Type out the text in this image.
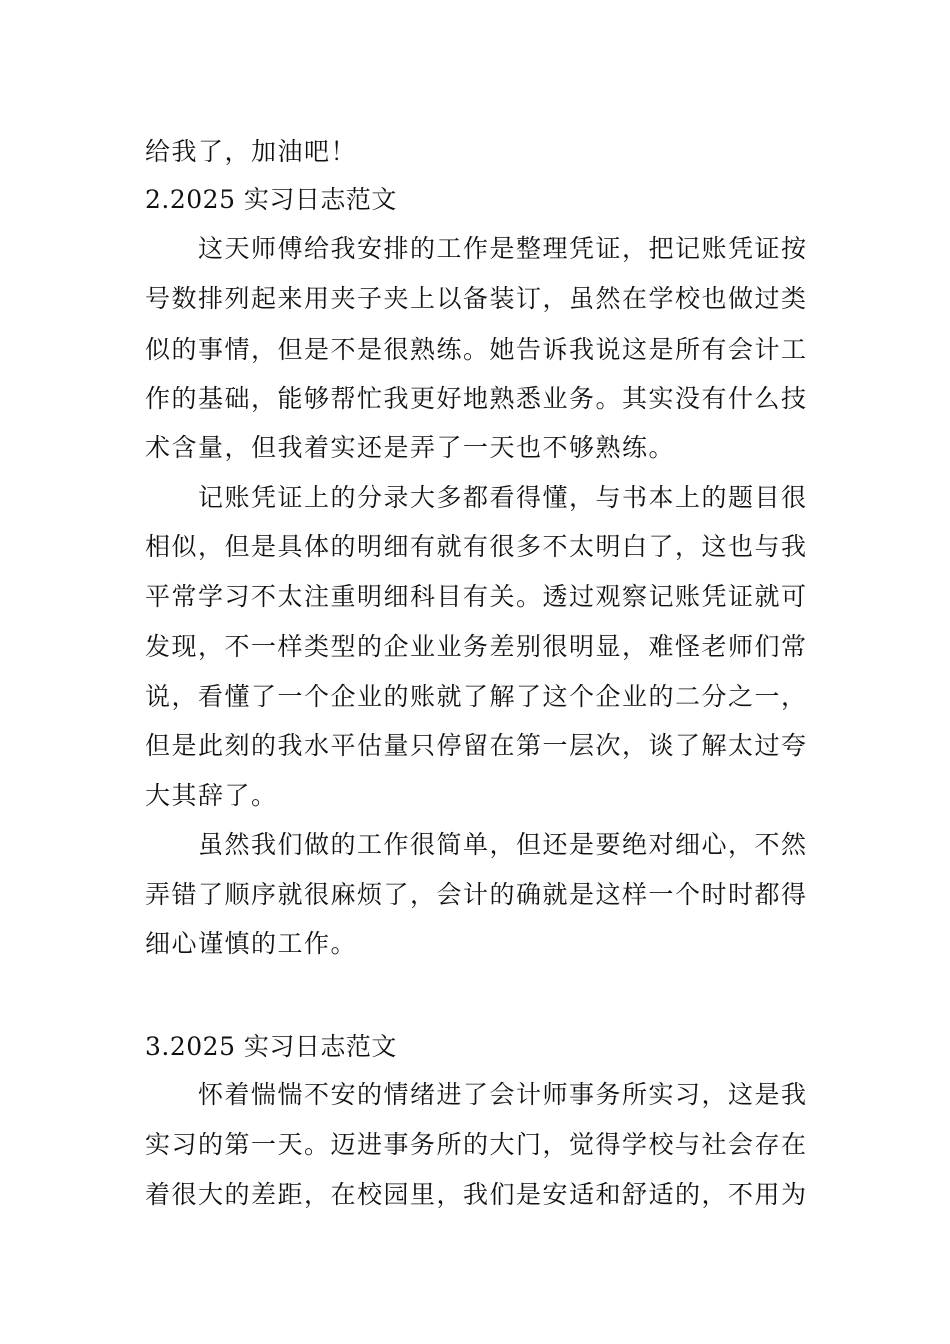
给我了，加油吧！
2.2025 实习日志范文
这天师傅给我安排的工作是整理凭证，把记账凭证按
号数排列起来用夹子夹上以备装订，虽然在学校也做过类
似的事情，但是不是很熟练。她告诉我说这是所有会计工
作的基础，能够帮忙我更好地熟悉业务。其实没有什么技
术含量，但我着实还是弄了一天也不够熟练。
记账凭证上的分录大多都看得懂，与书本上的题目很
相似，但是具体的明细有就有很多不太明白了，这也与我
平常学习不太注重明细科目有关。透过观察记账凭证就可
发现，不一样类型的企业业务差别很明显，难怪老师们常
说，看懂了一个企业的账就了解了这个企业的二分之一，
但是此刻的我水平估量只停留在第一层次，谈了解太过夸
大其辞了。
虽然我们做的工作很简单，但还是要绝对细心，不然
弄错了顺序就很麻烦了，会计的确就是这样一个时时都得
细心谨慎的工作。
3.2025 实习日志范文
怀着惴惴不安的情绪进了会计师事务所实习，这是我
实习的第一天。迈进事务所的大门，觉得学校与社会存在
着很大的差距，在校园里，我们是安适和舒适的，不用为
